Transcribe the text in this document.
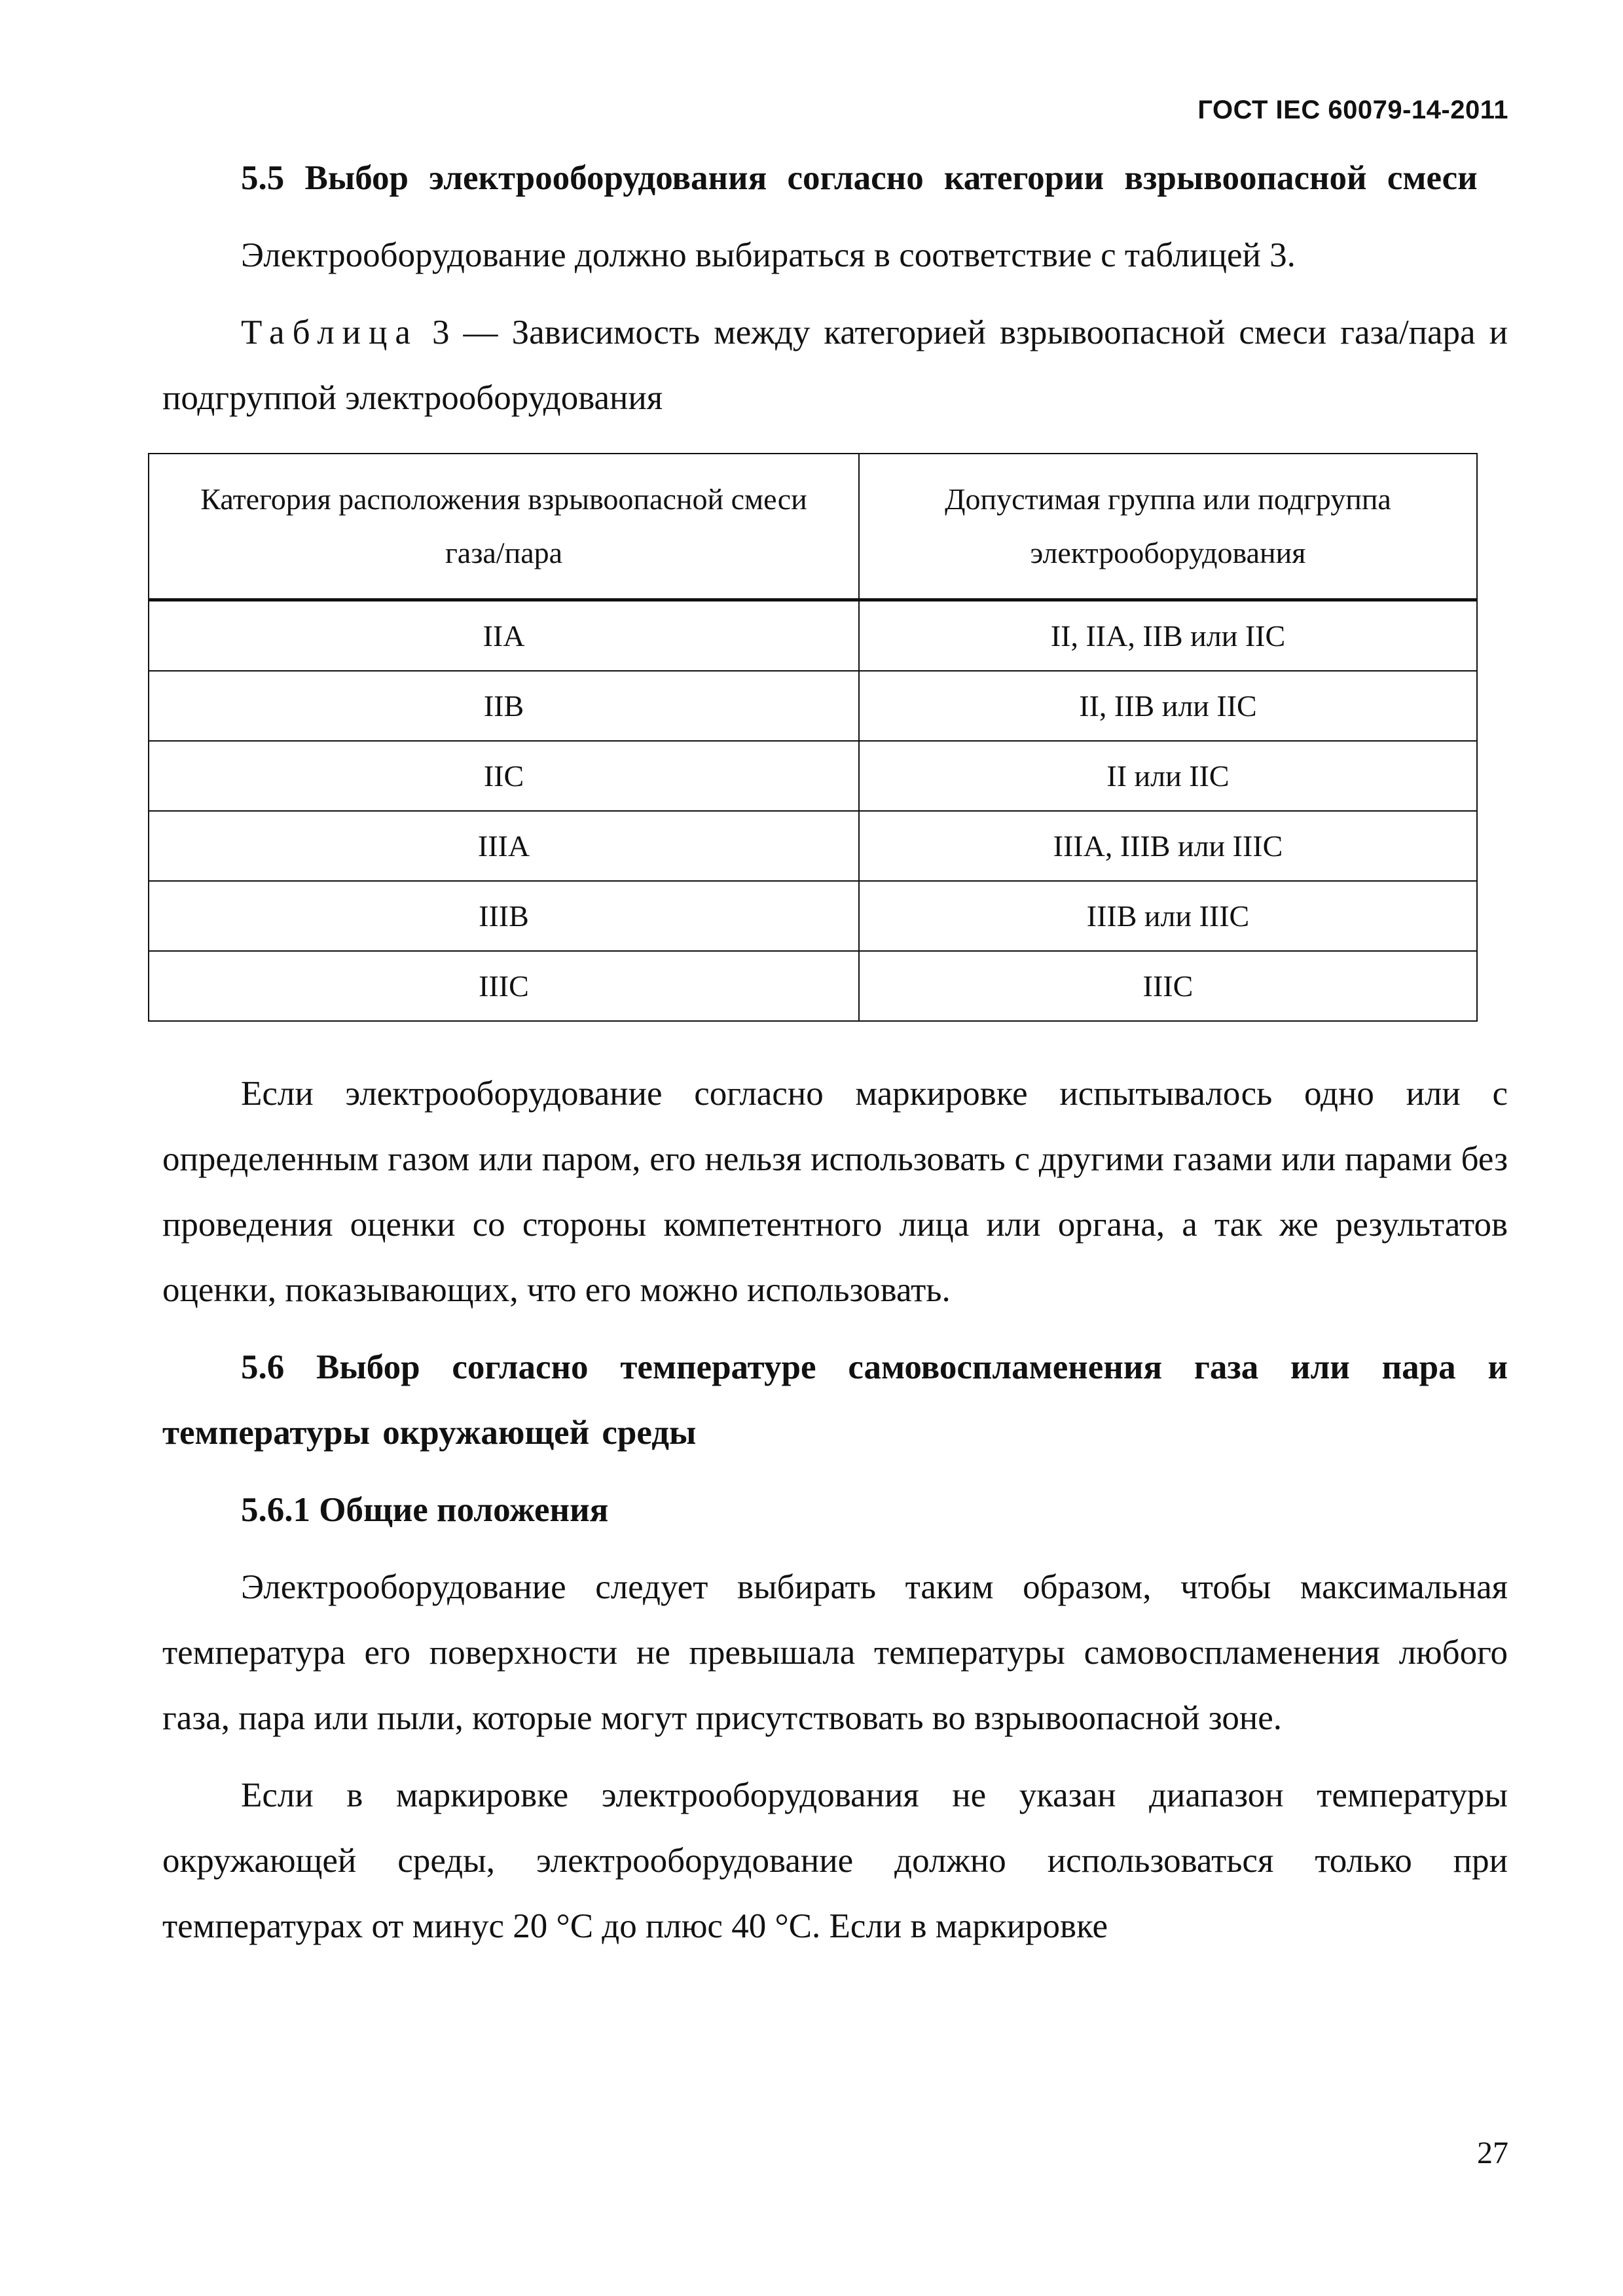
ГОСТ IEC 60079-14-2011

5.5 Выбор электрооборудования согласно категории взрывоопасной смеси

Электрооборудование должно выбираться в соответствие с таблицей 3.

Таблица 3 — Зависимость между категорией взрывоопасной смеси газа/пара и подгруппой электрооборудования

Категория расположения взрывоопасной смеси газа/пара	Допустимая группа или подгруппа электрооборудования
IIA	II, IIA, IIB или IIC
IIB	II, IIB или IIC
IIC	II или IIC
IIIA	IIIA, IIIB или IIIC
IIIB	IIIB или IIIC
IIIC	IIIC

Если электрооборудование согласно маркировке испытывалось одно или с определенным газом или паром, его нельзя использовать с другими газами или парами без проведения оценки со стороны компетентного лица или органа, а так же результатов оценки, показывающих, что его можно использовать.

5.6 Выбор согласно температуре самовоспламенения газа или пара и температуры окружающей среды

5.6.1 Общие положения

Электрооборудование следует выбирать таким образом, чтобы максимальная температура его поверхности не превышала температуры самовоспламенения любого газа, пара или пыли, которые могут присутствовать во взрывоопасной зоне.

Если в маркировке электрооборудования не указан диапазон температуры окружающей среды, электрооборудование должно использоваться только при температурах от минус 20 °С до плюс 40 °С. Если в маркировке

27
